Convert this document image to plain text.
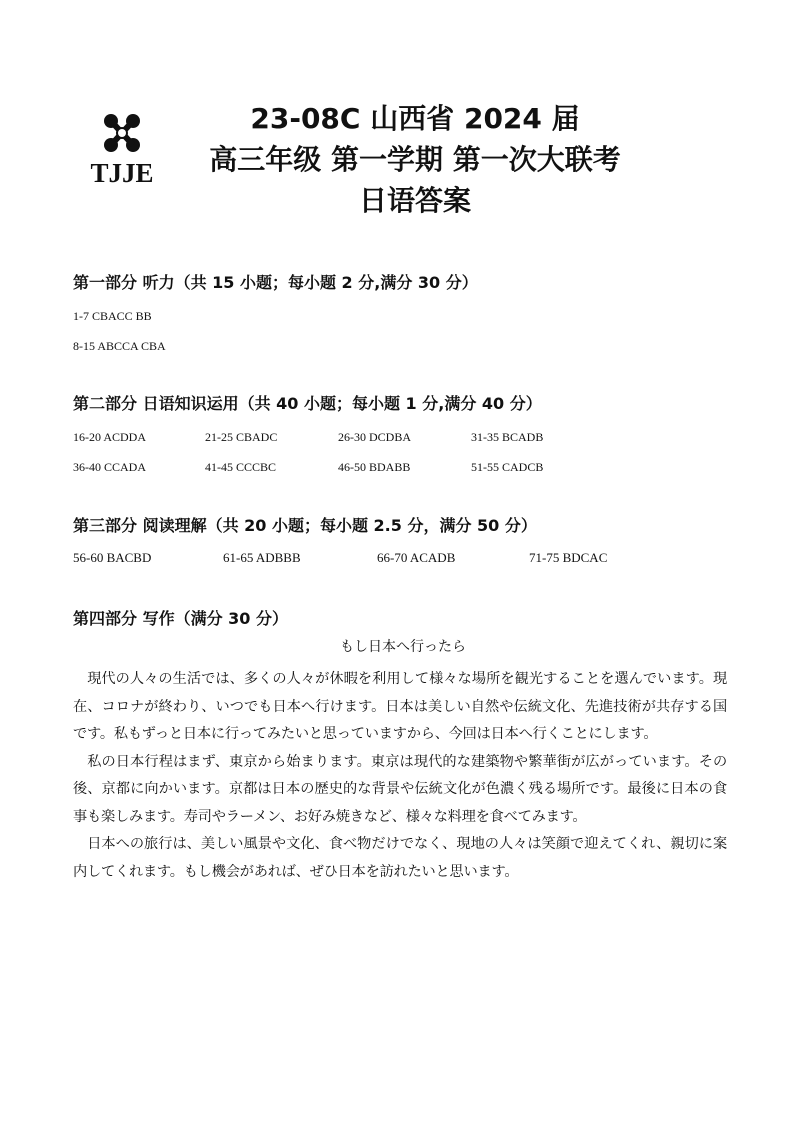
TJJE
23-08C 山西省 2024 届
高三年级 第一学期 第一次大联考
日语答案
第一部分 听力（共 15 小题；每小题 2 分,满分 30 分）
1-7 CBACC BB
8-15 ABCCA CBA
第二部分 日语知识运用（共 40 小题；每小题 1 分,满分 40 分）
16-20 ACDDA	21-25 CBADC	26-30 DCDBA	31-35 BCADB
36-40 CCADA	41-45 CCCBC	46-50 BDABB	51-55 CADCB
第三部分 阅读理解（共 20 小题；每小题 2.5 分，满分 50 分）
56-60 BACBD	61-65 ADBBB	66-70 ACADB	71-75 BDCAC
第四部分 写作（满分 30 分）
もし日本へ行ったら

現代の人々の生活では、多くの人々が休暇を利用して様々な場所を観光することを選んでいます。現在、コロナが終わり、いつでも日本へ行けます。日本は美しい自然や伝統文化、先進技術が共存する国です。私もずっと日本に行ってみたいと思っていますから、今回は日本へ行くことにします。

私の日本行程はまず、東京から始まります。東京は現代的な建築物や繁華街が広がっています。その後、京都に向かいます。京都は日本の歴史的な背景や伝統文化が色濃く残る場所です。最後に日本の食事も楽しみます。寿司やラーメン、お好み焼きなど、様々な料理を食べてみます。

日本への旅行は、美しい風景や文化、食べ物だけでなく、現地の人々は笑顔で迎えてくれ、親切に案内してくれます。もし機会があれば、ぜひ日本を訪れたいと思います。
